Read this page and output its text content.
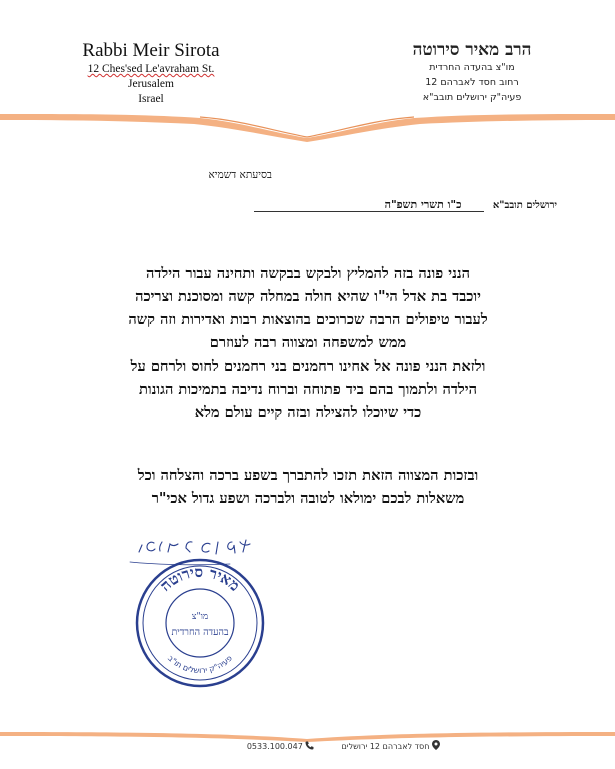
Rabbi Meir Sirota
12 Ches'sed Le'avraham St.
Jerusalem
Israel
הרב מאיר סירוטה
מו"צ בהעדה החרדית
רחוב חסד לאברהם 12
פעיה"ק ירושלים תובב"א
בסיעתא דשמיא
ירושלים תובב"א כ"ו תשרי תשפ"ה
הנני פונה בזה להמליץ ולבקש בבקשה ותחינה עבור הילדה
יוכבד בת אדל הי"ו שהיא חולה במחלה קשה ומסוכנת וצריכה
לעבור טיפולים הרבה שכרוכים בהוצאות רבות ואדירות וזה קשה
ממש למשפחה ומצווה רבה לעוזרם
ולזאת הנני פונה אל אחינו רחמנים בני רחמנים לחוס ולרחם על
הילדה ולתמוך בהם ביד פתוחה וברוח נדיבה בתמיכות הגונות
כדי שיוכלו להצילה ובזה קיים עולם מלא
ובזכות המצווה הזאת תזכו להתברך בשפע ברכה והצלחה וכל
משאלות לבכם ימולאו לטובה ולברכה ושפע גדול אכי"ר
מאיר סירוטה
פעיה"ק ירושלים תו"ב
מו"צ
בהעדה החרדית
חסד לאברהם 12 ירושלים   0533.100.047
